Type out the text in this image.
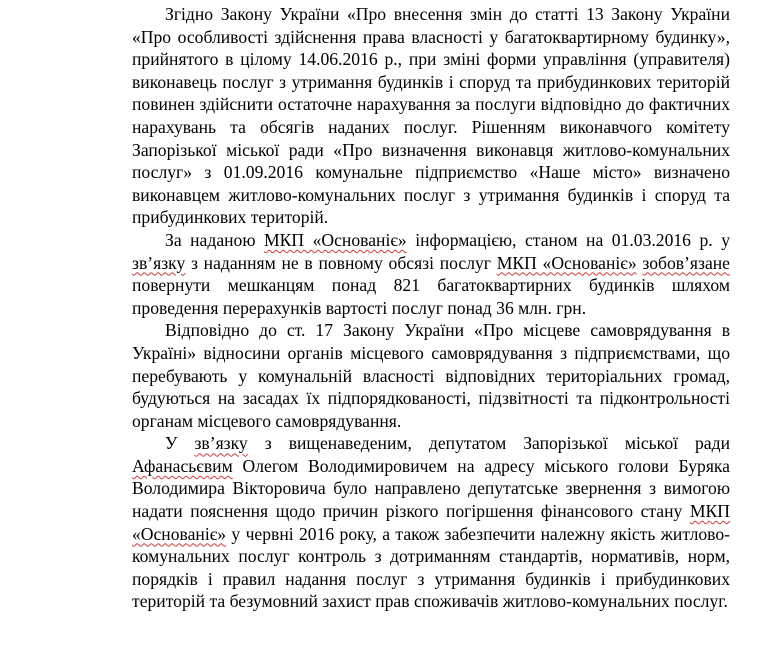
Згідно Закону України «Про внесення змін до статті 13 Закону України «Про особливості здійснення права власності у багатоквартирному будинку», прийнятого в цілому 14.06.2016 р., при зміні форми управління (управителя) виконавець послуг з утримання будинків і споруд та прибудинкових територій повинен здійснити остаточне нарахування за послуги відповідно до фактичних нарахувань та обсягів наданих послуг. Рішенням виконавчого комітету Запорізької міської ради «Про визначення виконавця житлово-комунальних послуг» з 01.09.2016 комунальне підприємство «Наше місто» визначено виконавцем житлово-комунальних послуг з утримання будинків і споруд та прибудинкових територій.

За наданою МКП «Основаніє» інформацією, станом на 01.03.2016 р. у зв’язку з наданням не в повному обсязі послуг МКП «Основаніє» зобов’язане повернути мешканцям понад 821 багатоквартирних будинків шляхом проведення перерахунків вартості послуг понад 36 млн. грн.

Відповідно до ст. 17 Закону України «Про місцеве самоврядування в Україні» відносини органів місцевого самоврядування з підприємствами, що перебувають у комунальній власності відповідних територіальних громад, будуються на засадах їх підпорядкованості, підзвітності та підконтрольності органам місцевого самоврядування.

У зв’язку з вищенаведеним, депутатом Запорізької міської ради Афанасьєвим Олегом Володимировичем на адресу міського голови Буряка Володимира Вікторовича було направлено депутатське звернення з вимогою надати пояснення щодо причин різкого погіршення фінансового стану МКП «Основаніє» у червні 2016 року, а також забезпечити належну якість житлово-комунальних послуг контроль з дотриманням стандартів, нормативів, норм, порядків і правил надання послуг з утримання будинків і прибудинкових територій та безумовний захист прав споживачів житлово-комунальних послуг.
